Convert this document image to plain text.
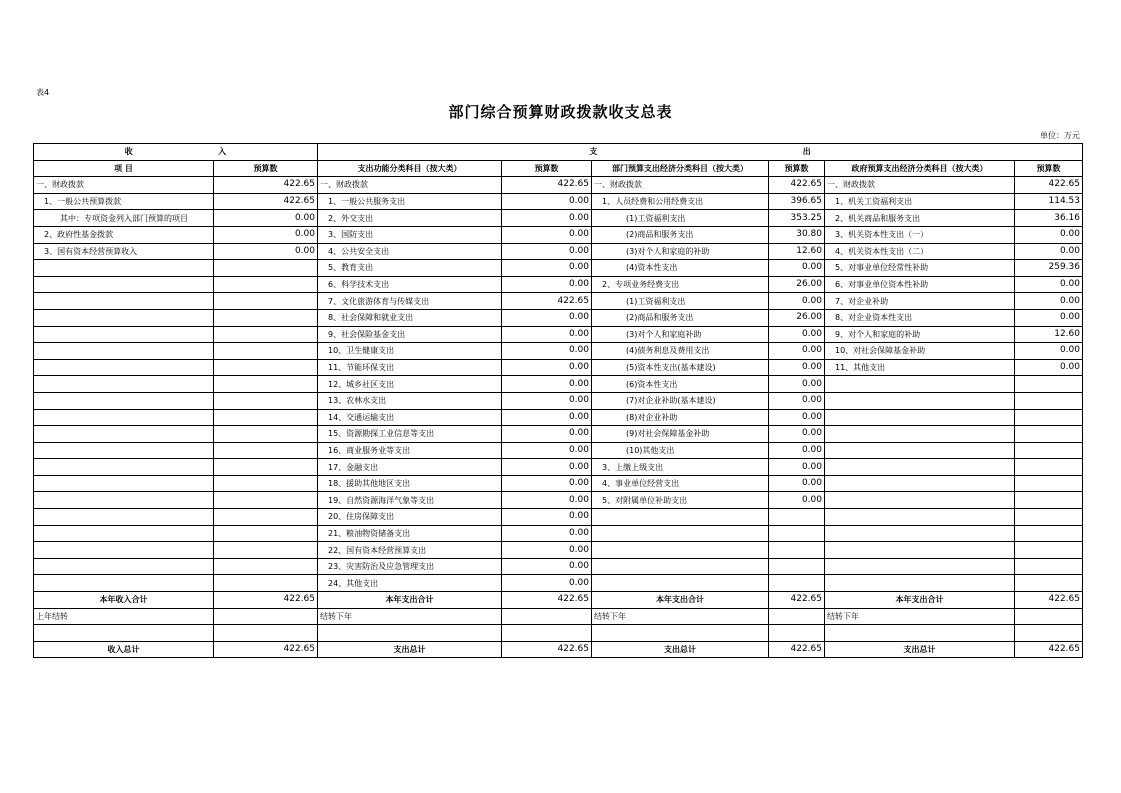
表4
部门综合预算财政拨款收支总表
单位：万元
收 入		支 出					
项 目	预算数	支出功能分类科目（按大类）	预算数	部门预算支出经济分类科目（按大类）	预算数	政府预算支出经济分类科目（按大类）	预算数
一、财政拨款	422.65	一、财政拨款	422.65	一、财政拨款	422.65	一、财政拨款	422.65
1、一般公共预算拨款	422.65	1、一般公共服务支出	0.00	1、人员经费和公用经费支出	396.65	1、机关工资福利支出	114.53
其中：专项资金列入部门预算的项目	0.00	2、外交支出	0.00	(1)工资福利支出	353.25	2、机关商品和服务支出	36.16
2、政府性基金拨款	0.00	3、国防支出	0.00	(2)商品和服务支出	30.80	3、机关资本性支出（一）	0.00
3、国有资本经营预算收入	0.00	4、公共安全支出	0.00	(3)对个人和家庭的补助	12.60	4、机关资本性支出（二）	0.00
		5、教育支出	0.00	(4)资本性支出	0.00	5、对事业单位经常性补助	259.36
		6、科学技术支出	0.00	2、专项业务经费支出	26.00	6、对事业单位资本性补助	0.00
		7、文化旅游体育与传媒支出	422.65	(1)工资福利支出	0.00	7、对企业补助	0.00
		8、社会保障和就业支出	0.00	(2)商品和服务支出	26.00	8、对企业资本性支出	0.00
		9、社会保险基金支出	0.00	(3)对个人和家庭补助	0.00	9、对个人和家庭的补助	12.60
		10、卫生健康支出	0.00	(4)债务利息及费用支出	0.00	10、对社会保障基金补助	0.00
		11、节能环保支出	0.00	(5)资本性支出(基本建设)	0.00	11、其他支出	0.00
		12、城乡社区支出	0.00	(6)资本性支出	0.00		
		13、农林水支出	0.00	(7)对企业补助(基本建设)	0.00		
		14、交通运输支出	0.00	(8)对企业补助	0.00		
		15、资源勘探工业信息等支出	0.00	(9)对社会保障基金补助	0.00		
		16、商业服务业等支出	0.00	(10)其他支出	0.00		
		17、金融支出	0.00	3、上缴上级支出	0.00		
		18、援助其他地区支出	0.00	4、事业单位经营支出	0.00		
		19、自然资源海洋气象等支出	0.00	5、对附属单位补助支出	0.00		
		20、住房保障支出	0.00				
		21、粮油物资储备支出	0.00				
		22、国有资本经营预算支出	0.00				
		23、灾害防治及应急管理支出	0.00				
		24、其他支出	0.00				
本年收入合计	422.65	本年支出合计	422.65	本年支出合计	422.65	本年支出合计	422.65
上年结转		结转下年		结转下年		结转下年	

收入总计	422.65	支出总计	422.65	支出总计	422.65	支出总计	422.65
